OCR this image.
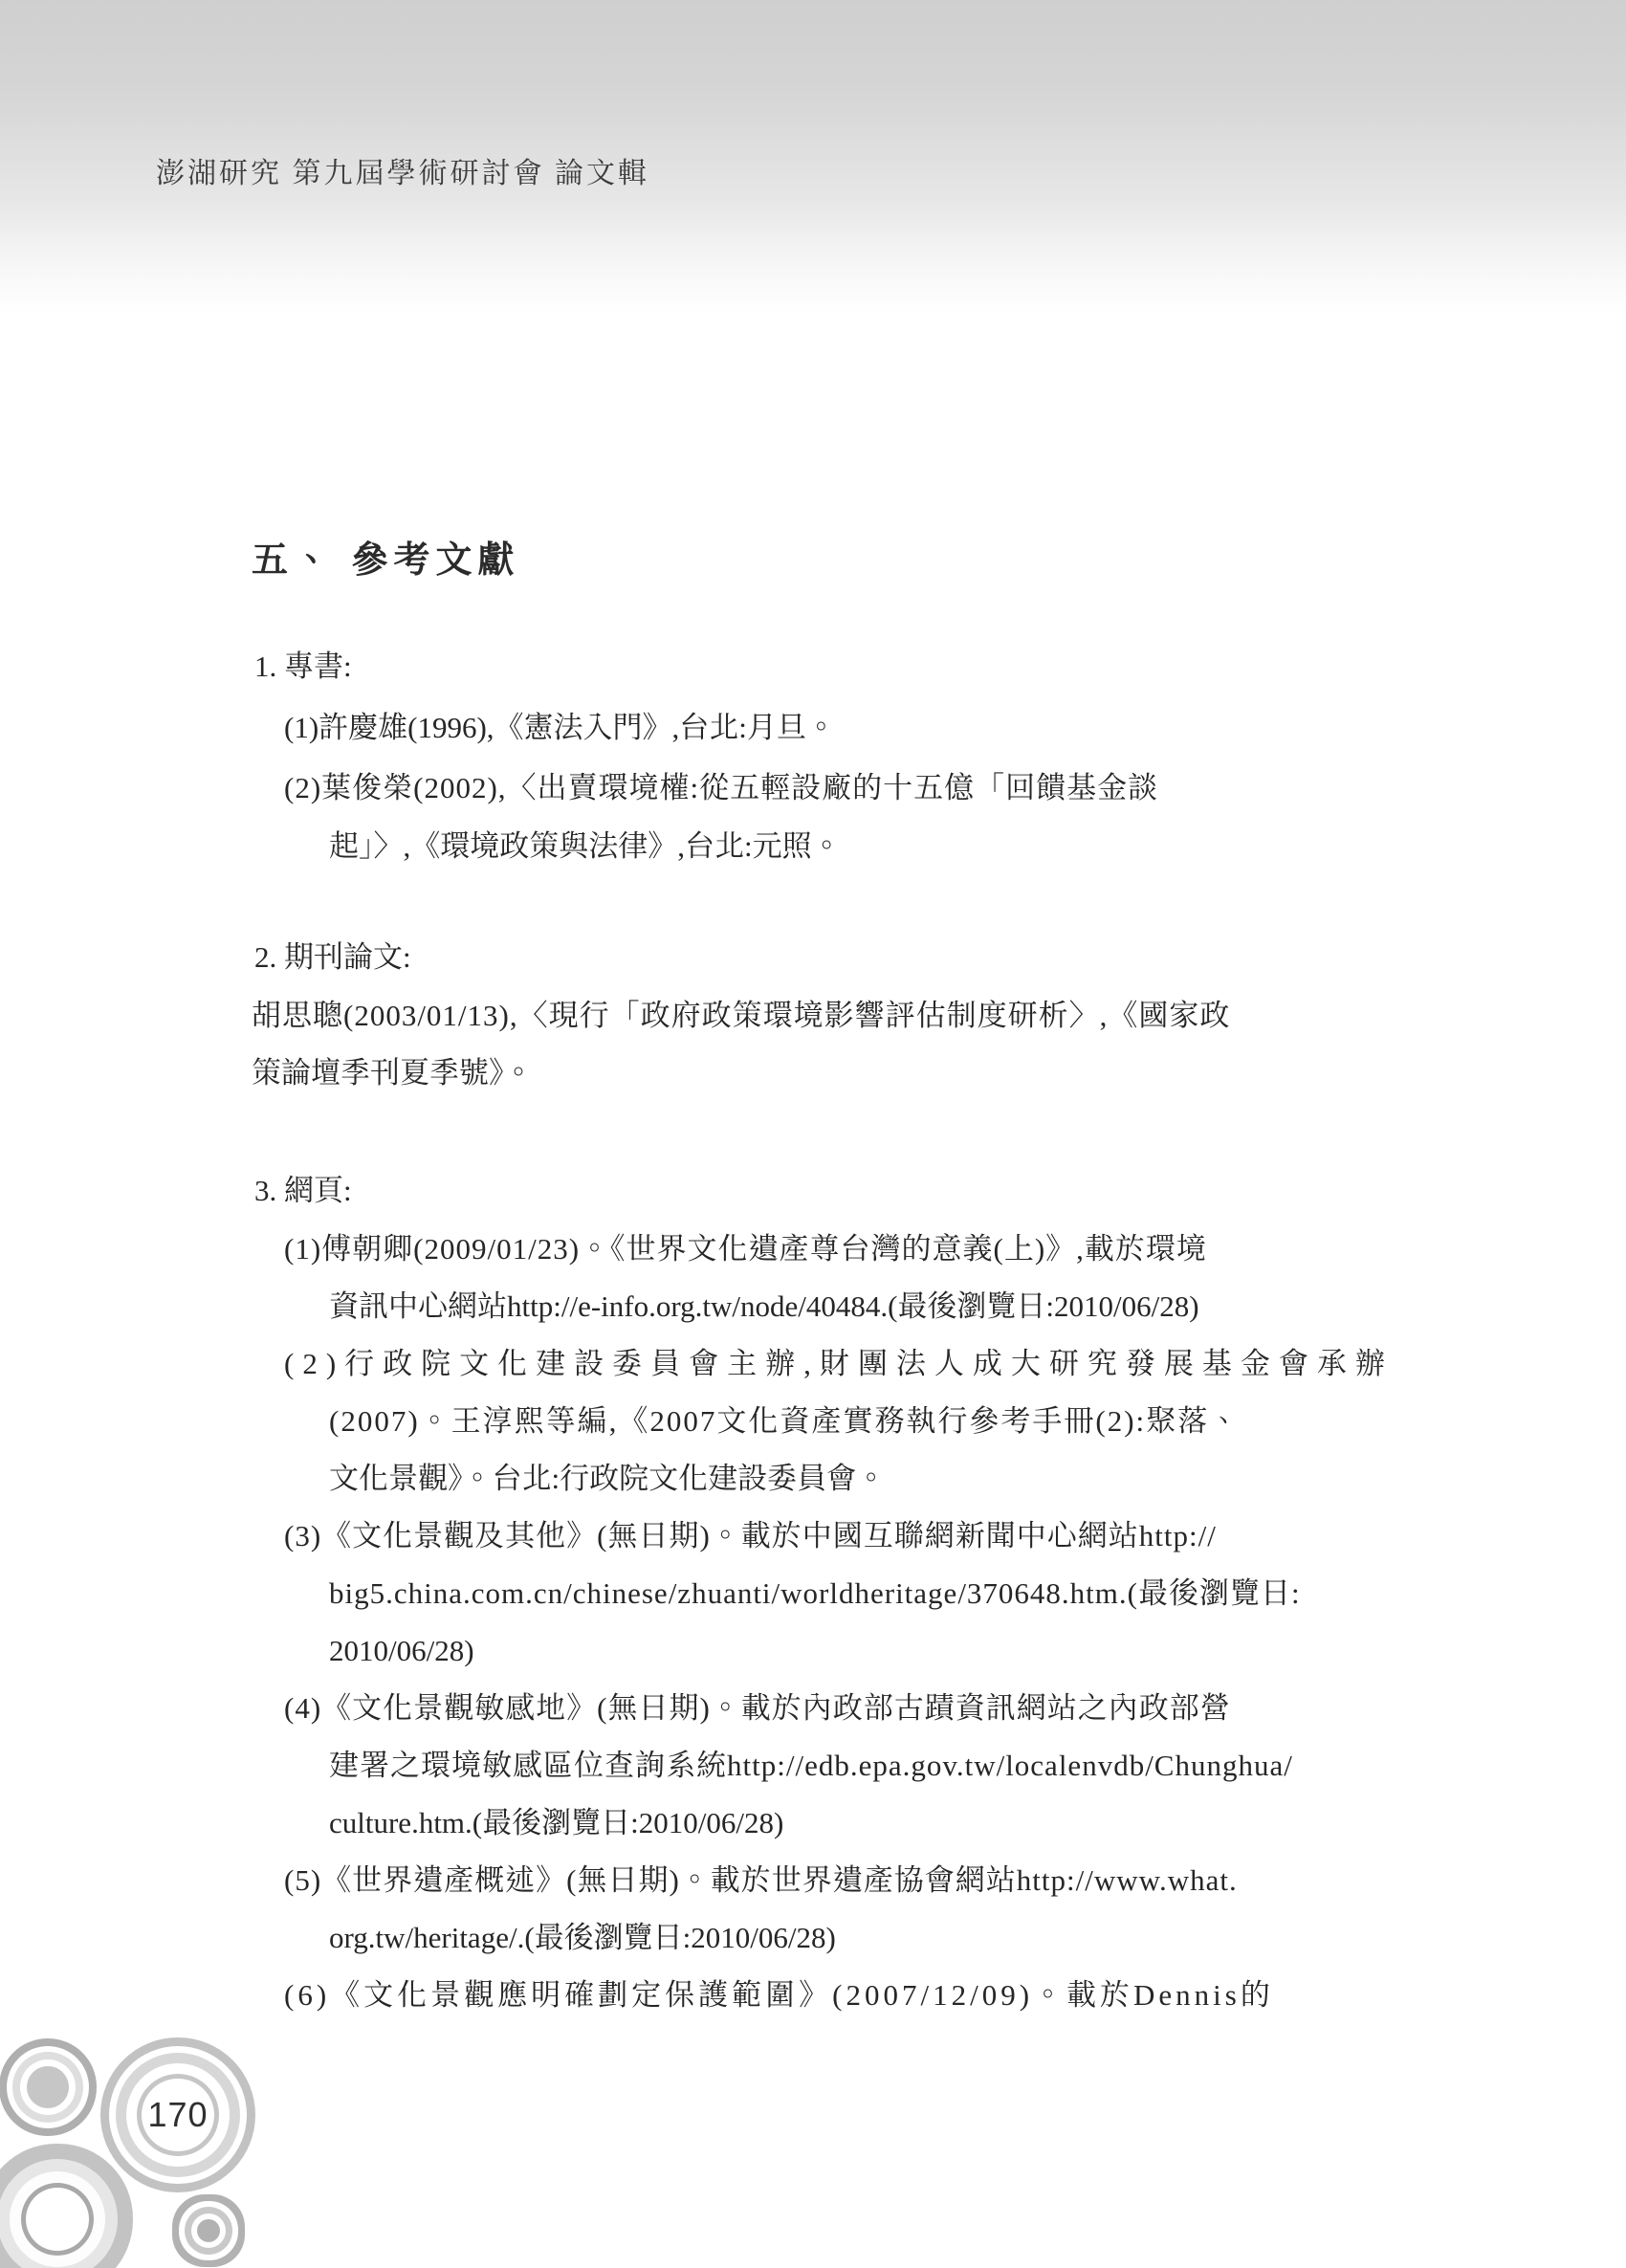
澎湖研究 第九屆學術研討會 論文輯
五、 參考文獻
1. 專書:
(1)許慶雄(1996),《憲法入門》,台北:月旦。
(2)葉俊榮(2002),〈出賣環境權:從五輕設廠的十五億「回饋基金談
起」〉,《環境政策與法律》,台北:元照。
2. 期刊論文:
胡思聰(2003/01/13),〈現行「政府政策環境影響評估制度研析〉,《國家政
策論壇季刊夏季號》。
3. 網頁:
(1)傅朝卿(2009/01/23)。《世界文化遺產尊台灣的意義(上)》,載於環境
資訊中心網站http://e-info.org.tw/node/40484.(最後瀏覽日:2010/06/28)
(2)行政院文化建設委員會主辦,財團法人成大研究發展基金會承辦
(2007)。王淳熙等編,《2007文化資產實務執行參考手冊(2):聚落、
文化景觀》。台北:行政院文化建設委員會。
(3)《文化景觀及其他》(無日期)。載於中國互聯網新聞中心網站http://
big5.china.com.cn/chinese/zhuanti/worldheritage/370648.htm.(最後瀏覽日:
2010/06/28)
(4)《文化景觀敏感地》(無日期)。載於內政部古蹟資訊網站之內政部營
建署之環境敏感區位查詢系統http://edb.epa.gov.tw/localenvdb/Chunghua/
culture.htm.(最後瀏覽日:2010/06/28)
(5)《世界遺產概述》(無日期)。載於世界遺產協會網站http://www.what.
org.tw/heritage/.(最後瀏覽日:2010/06/28)
(6)《文化景觀應明確劃定保護範圍》(2007/12/09)。載於Dennis的
170
